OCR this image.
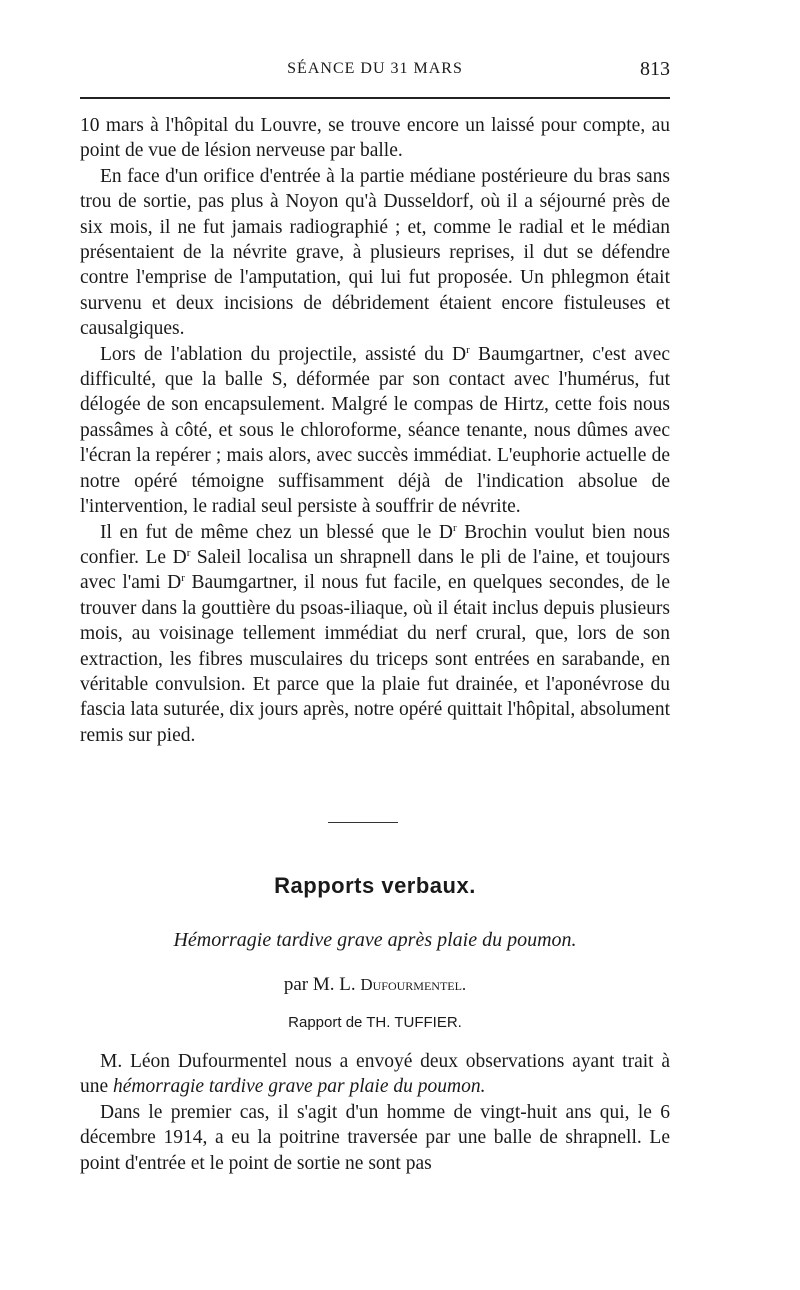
SÉANCE DU 31 MARS	813

10 mars à l'hôpital du Louvre, se trouve encore un laissé pour compte, au point de vue de lésion nerveuse par balle.

En face d'un orifice d'entrée à la partie médiane postérieure du bras sans trou de sortie, pas plus à Noyon qu'à Dusseldorf, où il a séjourné près de six mois, il ne fut jamais radiographié ; et, comme le radial et le médian présentaient de la névrite grave, à plusieurs reprises, il dut se défendre contre l'emprise de l'amputation, qui lui fut proposée. Un phlegmon était survenu et deux incisions de débridement étaient encore fistuleuses et causalgiques.

Lors de l'ablation du projectile, assisté du $D^r$ Baumgartner, c'est avec difficulté, que la balle S, déformée par son contact avec l'humérus, fut délogée de son encapsulement. Malgré le compas de Hirtz, cette fois nous passâmes à côté, et sous le chloroforme, séance tenante, nous dûmes avec l'écran la repérer ; mais alors, avec succès immédiat. L'euphorie actuelle de notre opéré témoigne suffisamment déjà de l'indication absolue de l'intervention, le radial seul persiste à souffrir de névrite.

Il en fut de même chez un blessé que le $D^r$ Brochin voulut bien nous confier. Le $D^r$ Saleil localisa un shrapnell dans le pli de l'aine, et toujours avec l'ami $D^r$ Baumgartner, il nous fut facile, en quelques secondes, de le trouver dans la gouttière du psoas-iliaque, où il était inclus depuis plusieurs mois, au voisinage tellement immédiat du nerf crural, que, lors de son extraction, les fibres musculaires du triceps sont entrées en sarabande, en véritable convulsion. Et parce que la plaie fut drainée, et l'aponévrose du fascia lata suturée, dix jours après, notre opéré quittait l'hôpital, absolument remis sur pied.

Rapports verbaux.
Hémorragie tardive grave après plaie du poumon.
par M. L. Dufourmentel.
Rapport de TH. TUFFIER.

M. Léon Dufourmentel nous a envoyé deux observations ayant trait à une hémorragie tardive grave par plaie du poumon.

Dans le premier cas, il s'agit d'un homme de vingt-huit ans qui, le 6 décembre 1914, a eu la poitrine traversée par une balle de shrapnell. Le point d'entrée et le point de sortie ne sont pas
